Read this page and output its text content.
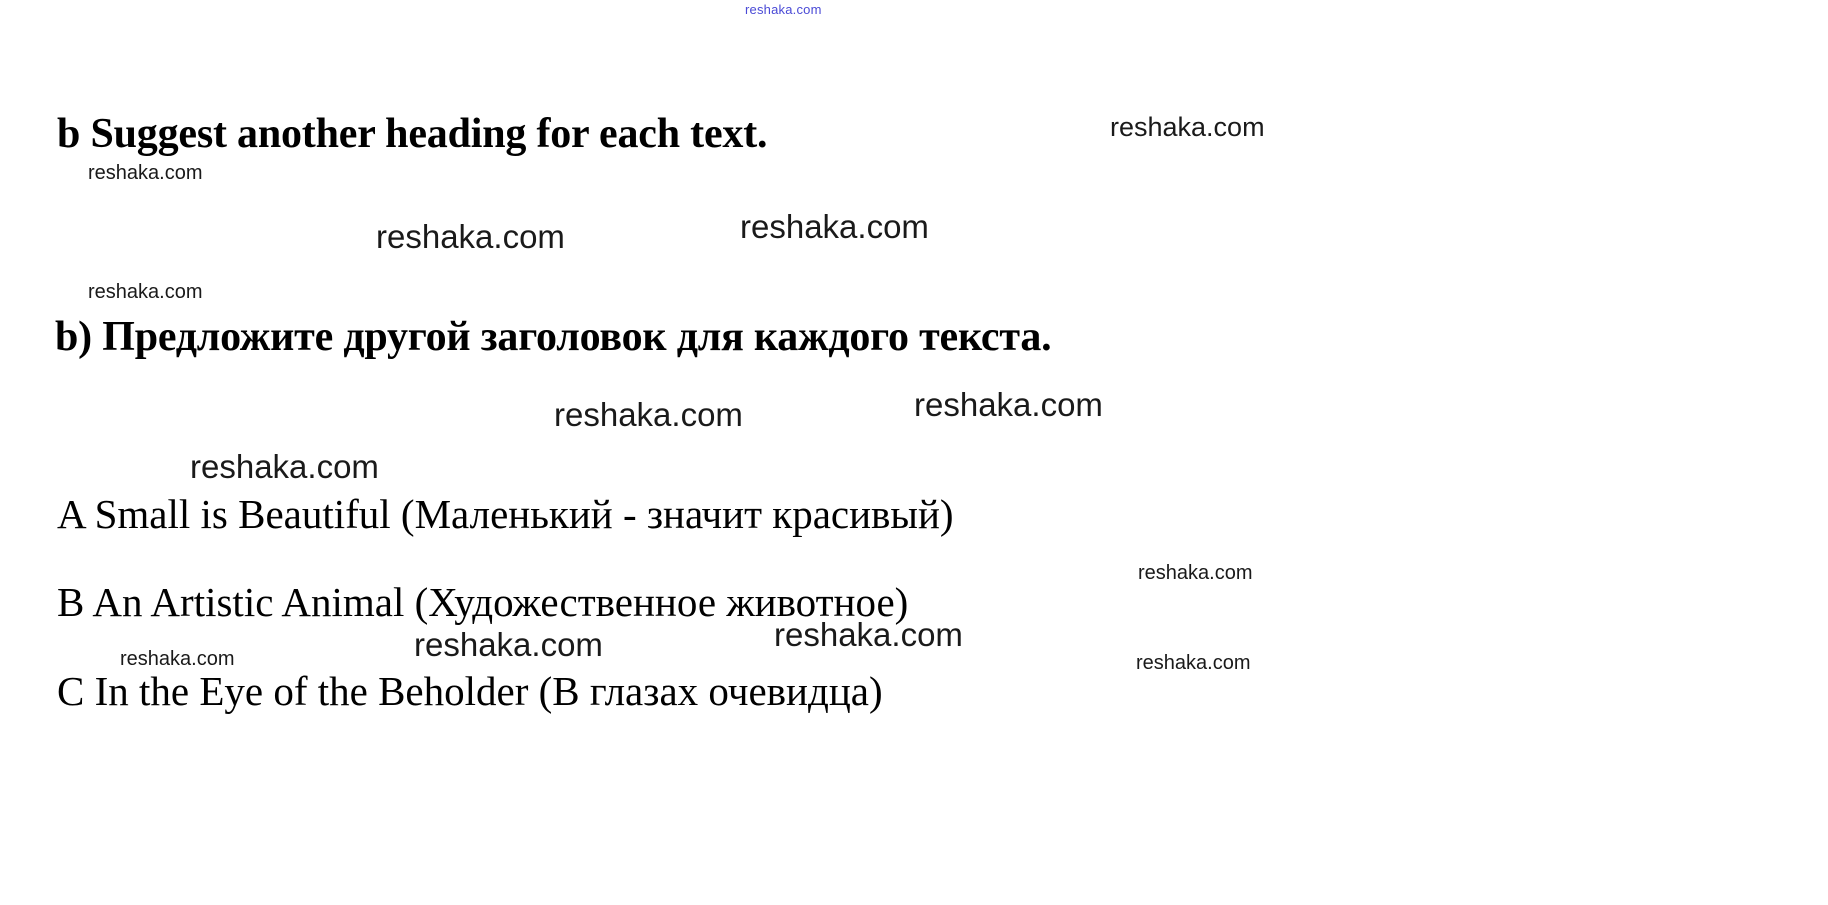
reshaka.com
b Suggest another heading for each text.
b) Предложите другой заголовок для каждого текста.
A Small is Beautiful (Маленький - значит красивый)
B An Artistic Animal (Художественное животное)
C In the Eye of the Beholder (В глазах очевидца)
reshaka.com
reshaka.com
reshaka.com	reshaka.com
reshaka.com
reshaka.com	reshaka.com
reshaka.com
reshaka.com
reshaka.com	reshaka.com
reshaka.com	reshaka.com
